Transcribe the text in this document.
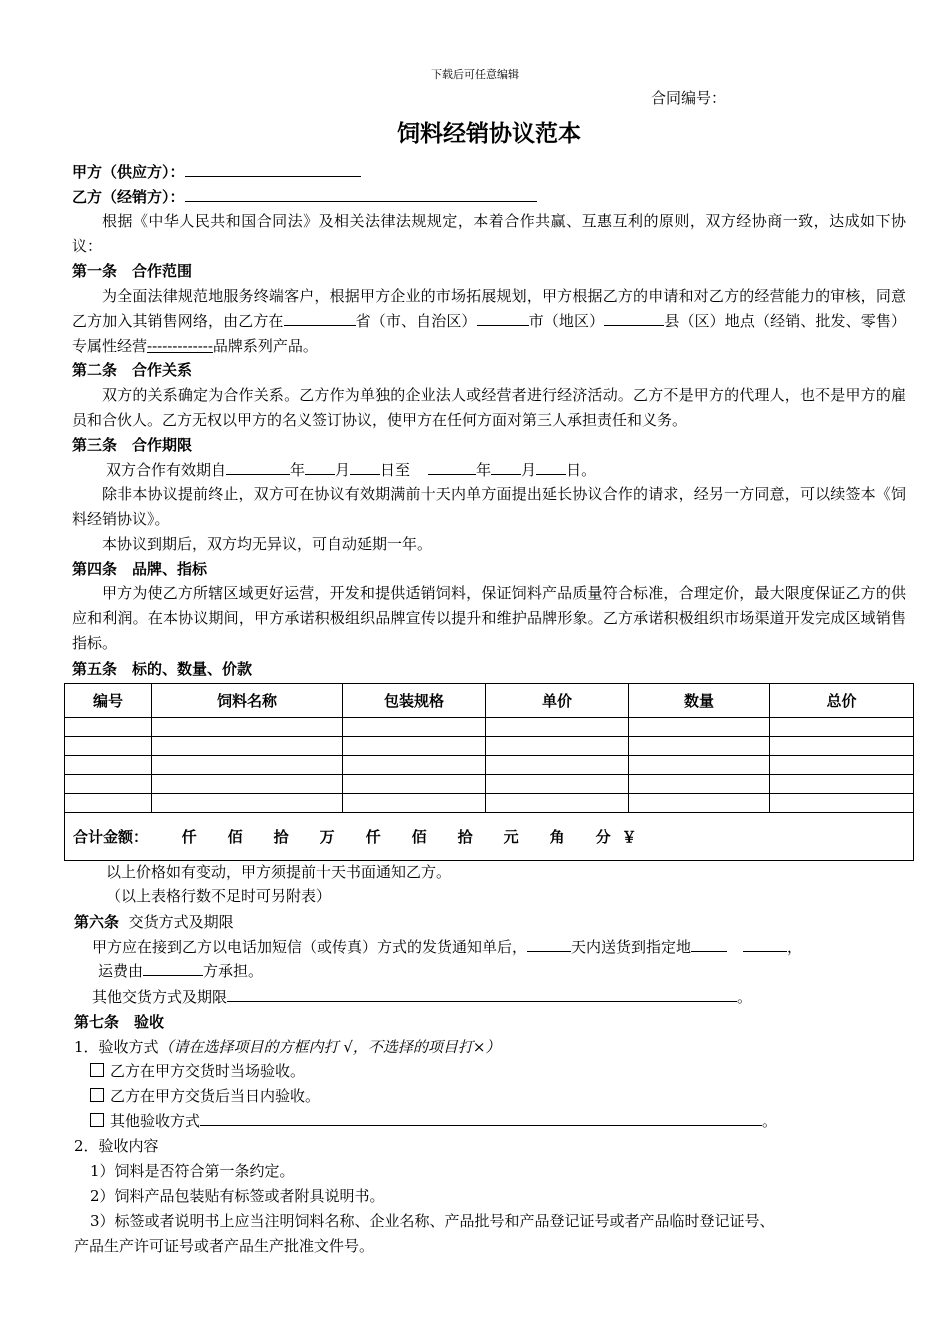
下载后可任意编辑
合同编号：
饲料经销协议范本
甲方（供应方）：
乙方（经销方）：
根据《中华人民共和国合同法》及相关法律法规规定，本着合作共赢、互惠互利的原则，双方经协商一致，达成如下协议：
第一条　合作范围
为全面法律规范地服务终端客户，根据甲方企业的市场拓展规划，甲方根据乙方的申请和对乙方的经营能力的审核，同意乙方加入其销售网络，由乙方在	省（市、自治区）	市（地区）	县（区）地点（经销、批发、零售）专属性经营-------------品牌系列产品。
第二条　合作关系
双方的关系确定为合作关系。乙方作为单独的企业法人或经营者进行经济活动。乙方不是甲方的代理人，也不是甲方的雇员和合伙人。乙方无权以甲方的名义签订协议，使甲方在任何方面对第三人承担责任和义务。
第三条　合作期限
双方合作有效期自	年 月 日至	年 月 日。
除非本协议提前终止，双方可在协议有效期满前十天内单方面提出延长协议合作的请求，经另一方同意，可以续签本《饲料经销协议》。
本协议到期后，双方均无异议，可自动延期一年。
第四条　品牌、指标
甲方为使乙方所辖区域更好运营，开发和提供适销饲料，保证饲料产品质量符合标准，合理定价，最大限度保证乙方的供应和利润。在本协议期间，甲方承诺积极组织品牌宣传以提升和维护品牌形象。乙方承诺积极组织市场渠道开发完成区域销售指标。
第五条　标的、数量、价款
编号	饲料名称	包装规格	单价	数量	总价

合计金额： 仟 佰 拾 万 仟 佰 拾 元 角 分 ￥					
以上价格如有变动，甲方须提前十天书面通知乙方。
（以上表格行数不足时可另附表）
第六条 交货方式及期限
甲方应在接到乙方以电话加短信（或传真）方式的发货通知单后，	天内送货到指定地	，
运费由	方承担。
其他交货方式及期限	。
第七条　验收
1．验收方式（请在选择项目的方框内打 √，不选择的项目打×）
乙方在甲方交货时当场验收。
乙方在甲方交货后当日内验收。
其他验收方式	。
2．验收内容
1）饲料是否符合第一条约定。
2）饲料产品包装贴有标签或者附具说明书。
3）标签或者说明书上应当注明饲料名称、企业名称、产品批号和产品登记证号或者产品临时登记证号、
产品生产许可证号或者产品生产批准文件号。
